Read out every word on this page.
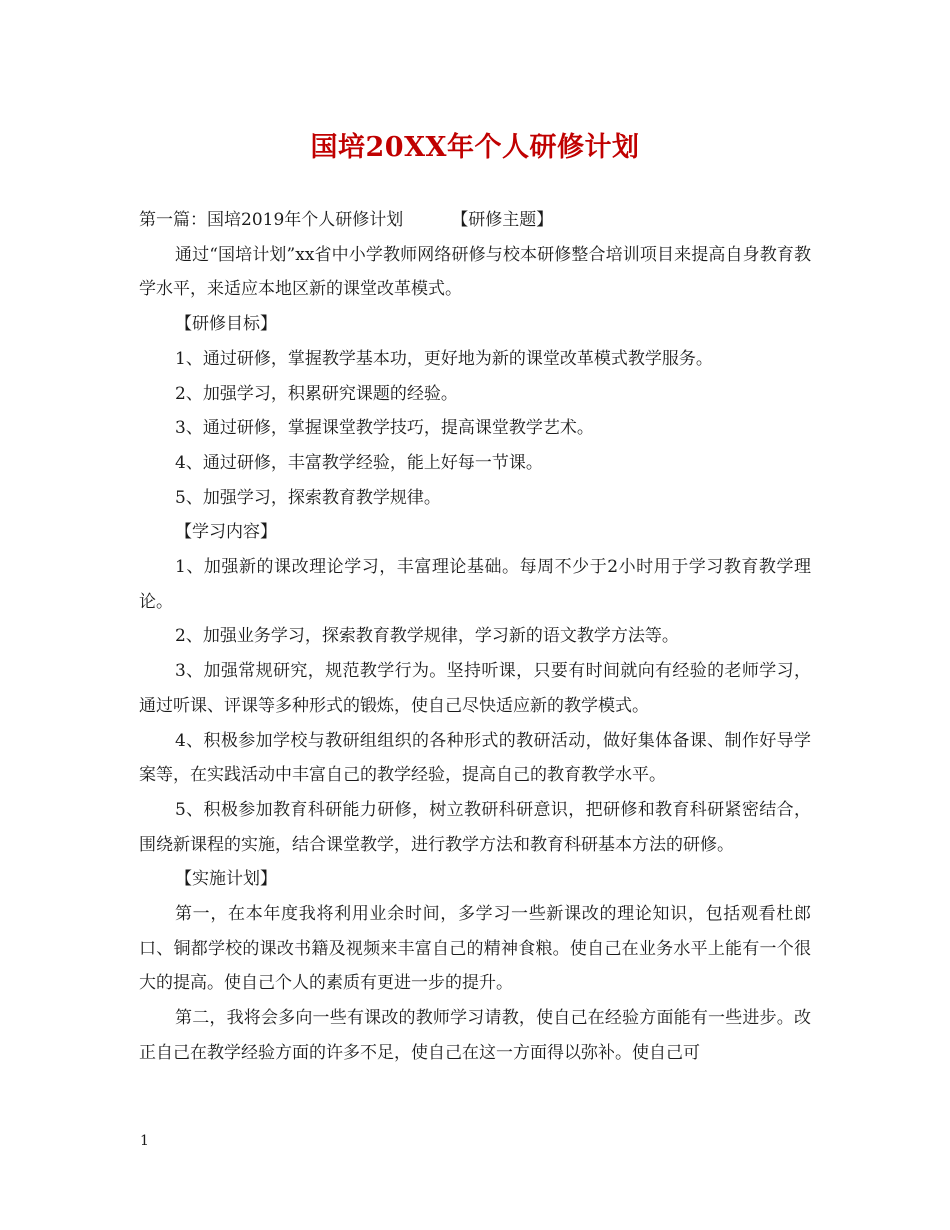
国培20XX年个人研修计划

第一篇：国培2019年个人研修计划	【研修主题】

通过“国培计划”xx省中小学教师网络研修与校本研修整合培训项目来提高自身教育教学水平，来适应本地区新的课堂改革模式。

【研修目标】

1、通过研修，掌握教学基本功，更好地为新的课堂改革模式教学服务。

2、加强学习，积累研究课题的经验。

3、通过研修，掌握课堂教学技巧，提高课堂教学艺术。

4、通过研修，丰富教学经验，能上好每一节课。

5、加强学习，探索教育教学规律。

【学习内容】

1、加强新的课改理论学习，丰富理论基础。每周不少于2小时用于学习教育教学理论。

2、加强业务学习，探索教育教学规律，学习新的语文教学方法等。

3、加强常规研究，规范教学行为。坚持听课，只要有时间就向有经验的老师学习，通过听课、评课等多种形式的锻炼，使自己尽快适应新的教学模式。

4、积极参加学校与教研组组织的各种形式的教研活动，做好集体备课、制作好导学案等，在实践活动中丰富自己的教学经验，提高自己的教育教学水平。

5、积极参加教育科研能力研修，树立教研科研意识，把研修和教育科研紧密结合，围绕新课程的实施，结合课堂教学，进行教学方法和教育科研基本方法的研修。

【实施计划】

第一，在本年度我将利用业余时间，多学习一些新课改的理论知识，包括观看杜郎口、铜都学校的课改书籍及视频来丰富自己的精神食粮。使自己在业务水平上能有一个很大的提高。使自己个人的素质有更进一步的提升。

第二，我将会多向一些有课改的教师学习请教，使自己在经验方面能有一些进步。改正自己在教学经验方面的许多不足，使自己在这一方面得以弥补。使自己可

1
